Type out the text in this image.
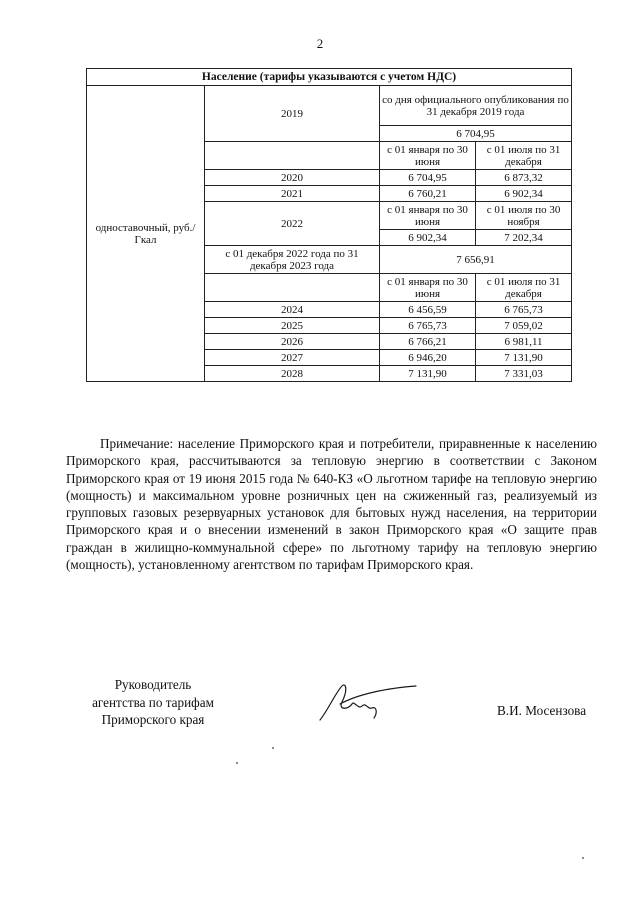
2
Население (тарифы указываются с учетом НДС)			
одноставочный, руб./Гкал	2019	со дня официального опубликования по 31 декабря 2019 года	
		6 704,95	
		с 01 января по 30 июня	с 01 июля по 31 декабря
	2020	6 704,95	6 873,32
	2021	6 760,21	6 902,34
	2022	с 01 января по 30 июня	с 01 июля по 30 ноября
		6 902,34	7 202,34
	с 01 декабря 2022 года по 31 декабря 2023 года	7 656,91	
		с 01 января по 30 июня	с 01 июля по 31 декабря
	2024	6 456,59	6 765,73
	2025	6 765,73	7 059,02
	2026	6 766,21	6 981,11
	2027	6 946,20	7 131,90
	2028	7 131,90	7 331,03

Примечание: население Приморского края и потребители, приравненные к населению Приморского края, рассчитываются за тепловую энергию в соответствии с Законом Приморского края от 19 июня 2015 года № 640-КЗ «О льготном тарифе на тепловую энергию (мощность) и максимальном уровне розничных цен на сжиженный газ, реализуемый из групповых газовых резервуарных установок для бытовых нужд населения, на территории Приморского края и о внесении изменений в закон Приморского края «О защите прав граждан в жилищно-коммунальной сфере» по льготному тарифу на тепловую энергию (мощность), установленному агентством по тарифам Приморского края.

Руководитель
агентства по тарифам
Приморского края
В.И. Мосензова
